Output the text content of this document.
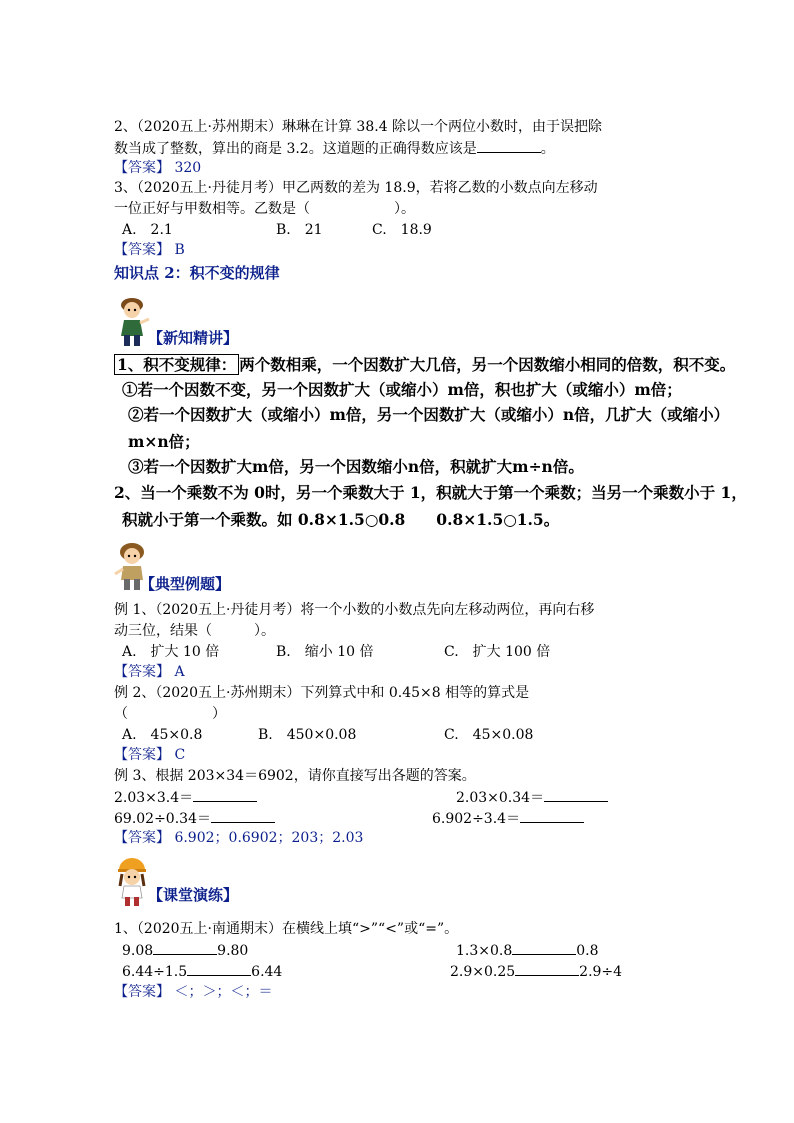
2、（2020五上·苏州期末）琳琳在计算 38.4 除以一个两位小数时，由于误把除
数当成了整数，算出的商是 3.2。这道题的正确得数应该是	。
【答案】 320
3、（2020五上·丹徒月考）甲乙两数的差为 18.9，若将乙数的小数点向左移动
一位正好与甲数相等。乙数是（　　　　　　）。
A.　2.1	B.　21	C.　18.9
【答案】 B
知识点 2：积不变的规律
【新知精讲】
1、积不变规律： 两个数相乘，一个因数扩大几倍，另一个因数缩小相同的倍数，积不变。
①若一个因数不变，另一个因数扩大（或缩小）m倍，积也扩大（或缩小）m倍；
②若一个因数扩大（或缩小）m倍，另一个因数扩大（或缩小）n倍，几扩大（或缩小）
m×n倍；
③若一个因数扩大m倍，另一个因数缩小n倍，积就扩大m÷n倍。
2、当一个乘数不为 0时，另一个乘数大于 1，积就大于第一个乘数；当另一个乘数小于 1，
积就小于第一个乘数。如 0.8×1.5○0.8　　0.8×1.5○1.5。
【典型例题】
例 1、（2020五上·丹徒月考）将一个小数的小数点先向左移动两位，再向右移
动三位，结果（　　　）。
A.　扩大 10 倍	B.　缩小 10 倍	C.　扩大 100 倍
【答案】 A
例 2、（2020五上·苏州期末）下列算式中和 0.45×8 相等的算式是
（　　　　　　）
A.　45×0.8	B.　450×0.08	C.　45×0.08
【答案】 C
例 3、根据 203×34＝6902，请你直接写出各题的答案。
2.03×3.4＝	2.03×0.34＝
69.02÷0.34＝	6.902÷3.4＝
【答案】 6.902；0.6902；203；2.03
【课堂演练】
1、（2020五上·南通期末）在横线上填“>”“<”或“=”。
9.08	9.80	1.3×0.8	0.8
6.44÷1.5	6.44	2.9×0.25	2.9÷4
【答案】 ＜；＞；＜；＝
